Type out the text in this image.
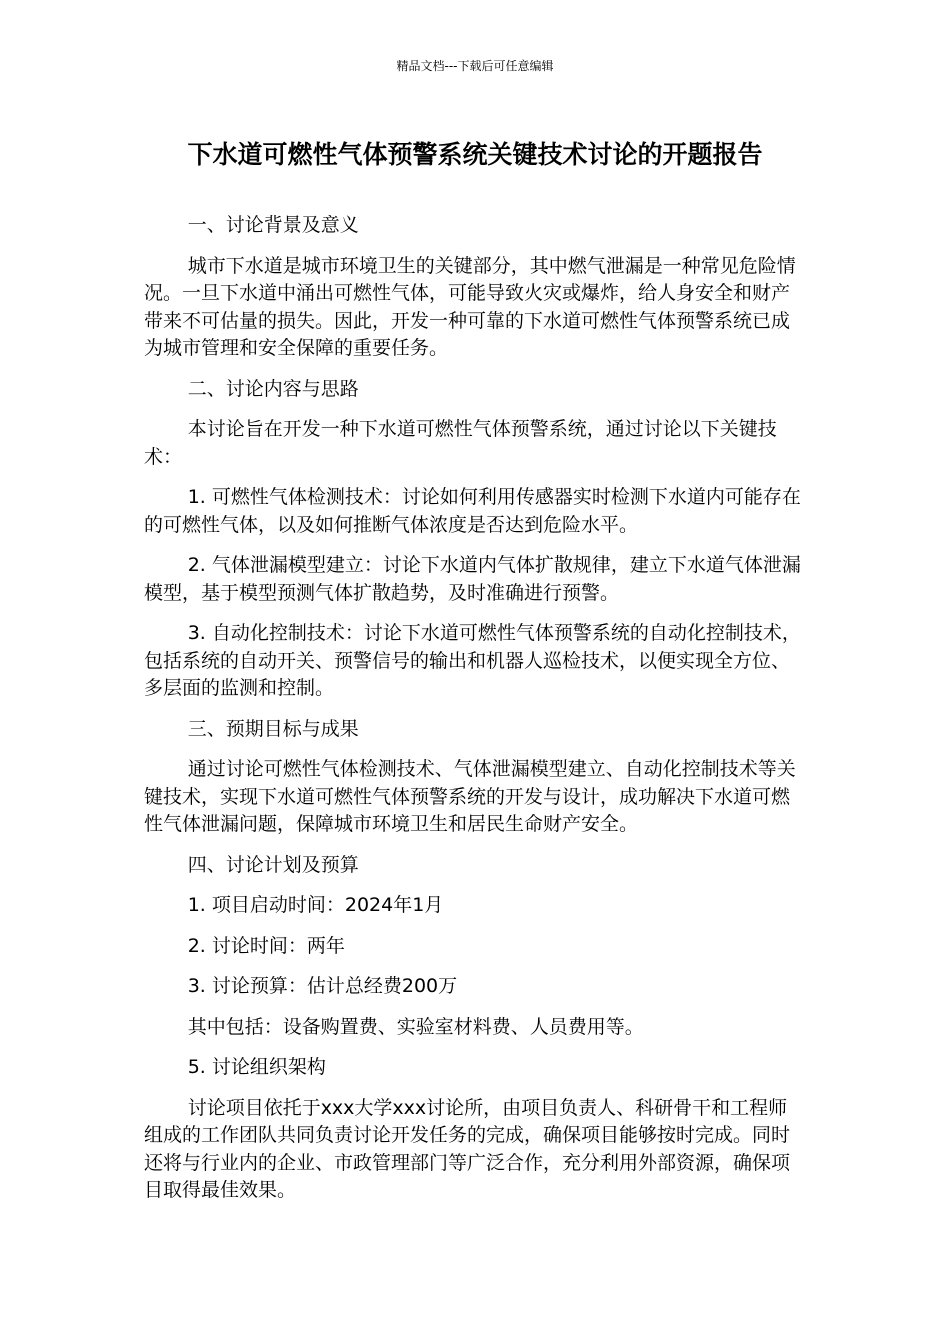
精品文档---下载后可任意编辑
下水道可燃性气体预警系统关键技术讨论的开题报告

一、讨论背景及意义

城市下水道是城市环境卫生的关键部分，其中燃气泄漏是一种常见危险情况。一旦下水道中涌出可燃性气体，可能导致火灾或爆炸，给人身安全和财产带来不可估量的损失。因此，开发一种可靠的下水道可燃性气体预警系统已成为城市管理和安全保障的重要任务。

二、讨论内容与思路

本讨论旨在开发一种下水道可燃性气体预警系统，通过讨论以下关键技术：

1. 可燃性气体检测技术：讨论如何利用传感器实时检测下水道内可能存在的可燃性气体，以及如何推断气体浓度是否达到危险水平。

2. 气体泄漏模型建立：讨论下水道内气体扩散规律，建立下水道气体泄漏模型，基于模型预测气体扩散趋势，及时准确进行预警。

3. 自动化控制技术：讨论下水道可燃性气体预警系统的自动化控制技术，包括系统的自动开关、预警信号的输出和机器人巡检技术，以便实现全方位、多层面的监测和控制。

三、预期目标与成果

通过讨论可燃性气体检测技术、气体泄漏模型建立、自动化控制技术等关键技术，实现下水道可燃性气体预警系统的开发与设计，成功解决下水道可燃性气体泄漏问题，保障城市环境卫生和居民生命财产安全。

四、讨论计划及预算

1. 项目启动时间：2024年1月

2. 讨论时间：两年

3. 讨论预算：估计总经费200万

其中包括：设备购置费、实验室材料费、人员费用等。

5. 讨论组织架构

讨论项目依托于xxx大学xxx讨论所，由项目负责人、科研骨干和工程师组成的工作团队共同负责讨论开发任务的完成，确保项目能够按时完成。同时还将与行业内的企业、市政管理部门等广泛合作，充分利用外部资源，确保项目取得最佳效果。
